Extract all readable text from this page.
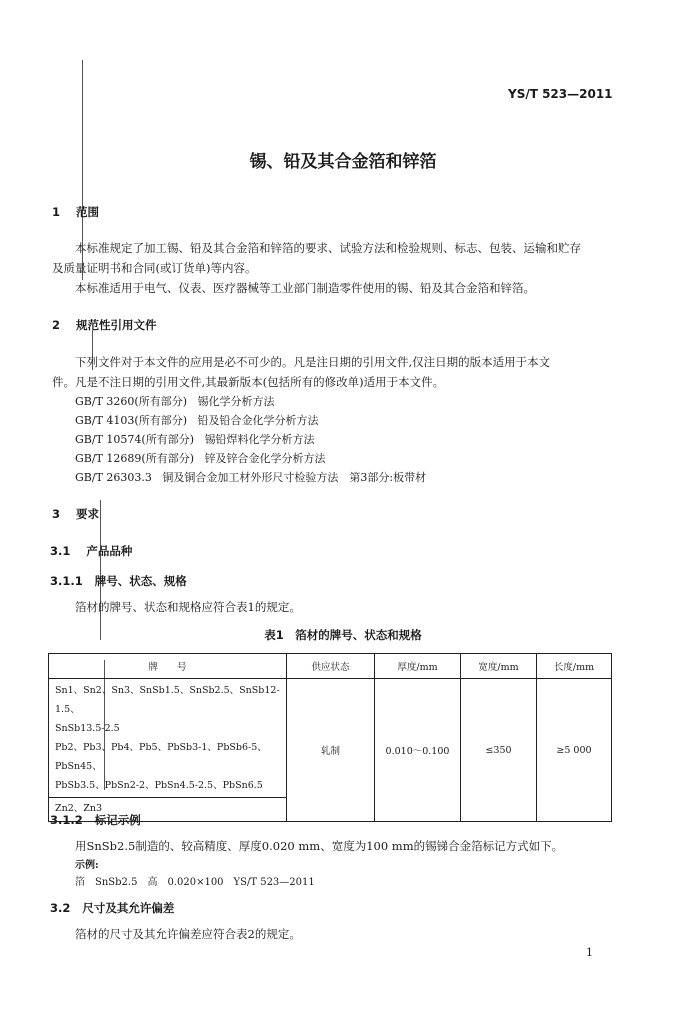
YS/T 523—2011
锡、铅及其合金箔和锌箔
1 范围
本标准规定了加工锡、铅及其合金箔和锌箔的要求、试验方法和检验规则、标志、包装、运输和贮存
及质量证明书和合同(或订货单)等内容。
本标准适用于电气、仪表、医疗器械等工业部门制造零件使用的锡、铅及其合金箔和锌箔。
2 规范性引用文件
下列文件对于本文件的应用是必不可少的。凡是注日期的引用文件,仅注日期的版本适用于本文
件。凡是不注日期的引用文件,其最新版本(包括所有的修改单)适用于本文件。
GB/T 3260(所有部分) 锡化学分析方法
GB/T 4103(所有部分) 铅及铅合金化学分析方法
GB/T 10574(所有部分) 锡铅焊料化学分析方法
GB/T 12689(所有部分) 锌及锌合金化学分析方法
GB/T 26303.3 铜及铜合金加工材外形尺寸检验方法　第3部分:板带材
3 要求
3.1 产品品种
3.1.1 牌号、状态、规格
箔材的牌号、状态和规格应符合表1的规定。
表1　箔材的牌号、状态和规格
牌　　号	供应状态	厚度/mm	宽度/mm	长度/mm

Sn1、Sn2、Sn3、SnSb1.5、SnSb2.5、SnSb12-1.5、
SnSb13.5-2.5
Pb2、Pb3、Pb4、Pb5、PbSb3-1、PbSb6-5、PbSn45、
PbSb3.5、PbSn2-2、PbSn4.5-2.5、PbSn6.5	轧制	0.010～0.100	≤350	≥5 000
Zn2、Zn3				
3.1.2 标记示例
用SnSb2.5制造的、较高精度、厚度0.020 mm、宽度为100 mm的锡锑合金箔标记方式如下。
示例:
箔　SnSb2.5　高　0.020×100　YS/T 523—2011
3.2 尺寸及其允许偏差
箔材的尺寸及其允许偏差应符合表2的规定。
1
